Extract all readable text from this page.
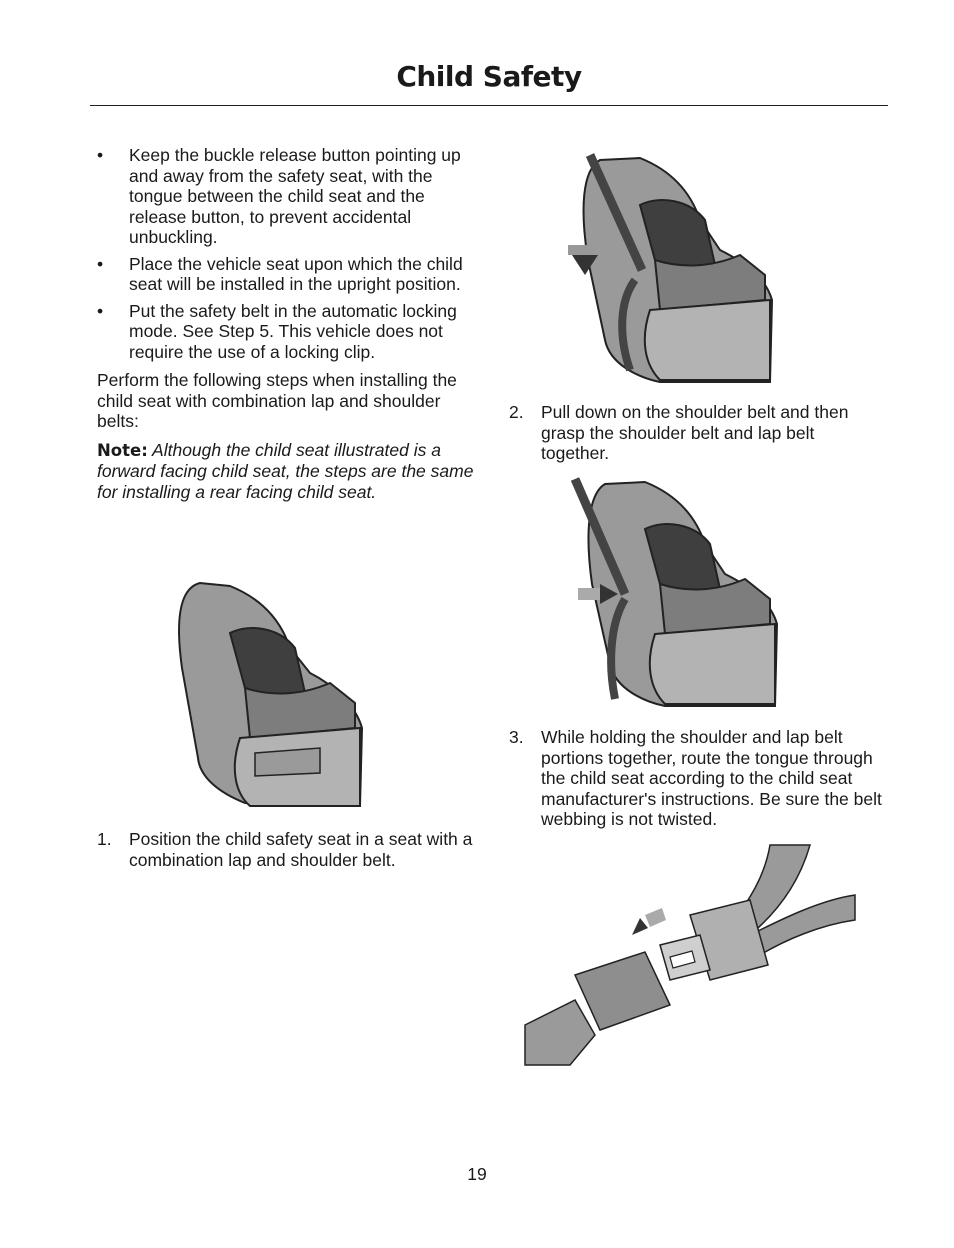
Child Safety
• Keep the buckle release button pointing up and away from the safety seat, with the tongue between the child seat and the release button, to prevent accidental unbuckling.
• Place the vehicle seat upon which the child seat will be installed in the upright position.
• Put the safety belt in the automatic locking mode. See Step 5. This vehicle does not require the use of a locking clip.

Perform the following steps when installing the child seat with combination lap and shoulder belts:

Note: Although the child seat illustrated is a forward facing child seat, the steps are the same for installing a rear facing child seat.

1. Position the child safety seat in a seat with a combination lap and shoulder belt.
2. Pull down on the shoulder belt and then grasp the shoulder belt and lap belt together.
3. While holding the shoulder and lap belt portions together, route the tongue through the child seat according to the child seat manufacturer's instructions. Be sure the belt webbing is not twisted.
19
